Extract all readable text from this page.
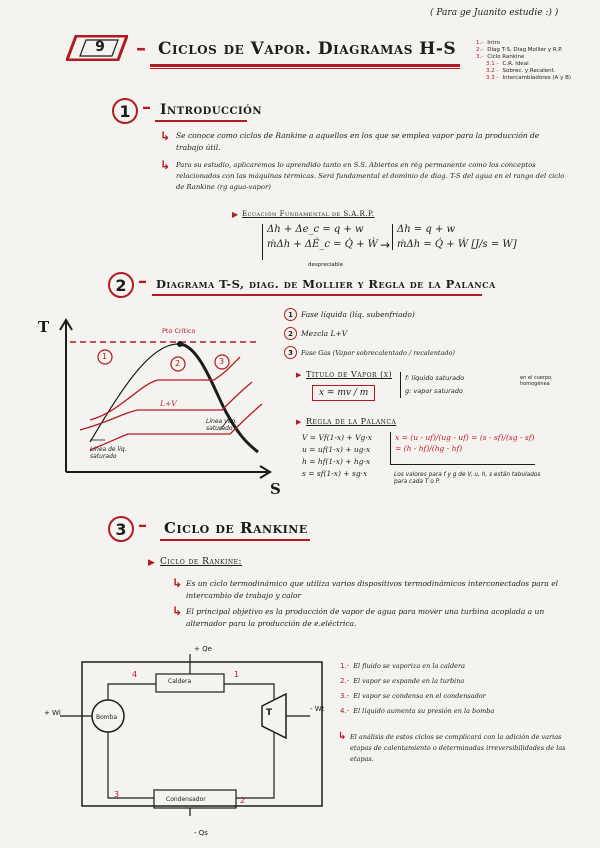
( Para ge Juanito estudie :) )
9 – Ciclos de Vapor. Diagramas H-S	1.- Intro
2.- Diag T-S, Diag Mollier y R.P.
3.- Ciclo Rankine
3.1 - C.R. Ideal
3.2 - Sobrec. y Recalent.
3.3 - Intercambiadores (A y B)
1 – Introducción
↳ Se conoce como ciclos de Rankine a aquellos en los que se emplea vapor para la producción de trabajo útil.
↳ Para su estudio, aplicaremos lo aprendido tanto en S.S. Abiertos en rég permanente como los conceptos relacionados con las máquinas térmicas. Será fundamental el dominio de diag. T-S del agua en el rango del ciclo de Rankine (rg agua-vapor)
▶ Ecuación Fundamental de S.A.R.P.
Δh + Δe_c = q + w
ṁΔh + ΔĖ_c = Q̇ + Ẇ
despreciable
→
Δh = q + w
ṁΔh = Q̇ + Ẇ [J/s = W]
2 – Diagrama T-S, diag. de Mollier y Regla de la Palanca
T
S
Pto Crítico
1
2	3
L+V
Línea de líq. saturado
Línea vap. saturado
1	Fase líquida (líq. subenfriado)
2	Mezcla L+V
3	Fase Gas (Vapor sobrecalentado / recalentado)
▶ Título de Vapor (x)
x = mv / m
f: líquido saturado
g: vapor saturado
en el cuerpo, homogénea
▶ Regla de la Palanca
V = Vf(1-x) + Vg·x
u = uf(1-x) + ug·x
h = hf(1-x) + hg·x
s = sf(1-x) + sg·x
x = (u - uf)/(ug - uf) = (s - sf)/(sg - sf) = (h - hf)/(hg - hf)
Los valores para f y g de V, u, h, s están tabulados para cada T o P.
3 – Ciclo de Rankine
▶ Ciclo de Rankine:
↳ Es un ciclo termodinámico que utiliza varios dispositivos termodinámicos interconectados para el intercambio de trabajo y calor
↳ El principal objetivo es la producción de vapor de agua para mover una turbina acoplada a un alternador para la producción de e.eléctrica.
+ Qe
- Qs
+ Wi	- Wt
Caldera
Condensador
Bomba	T
1
2
3
4
1.- El fluido se vaporiza en la caldera
2.- El vapor se expande en la turbina
3.- El vapor se condensa en el condensador
4.- El líquido aumenta su presión en la bomba
↳ El análisis de estos ciclos se complicará con la adición de varias etapas de calentamiento o determinadas irreversibilidades de las etapas.
